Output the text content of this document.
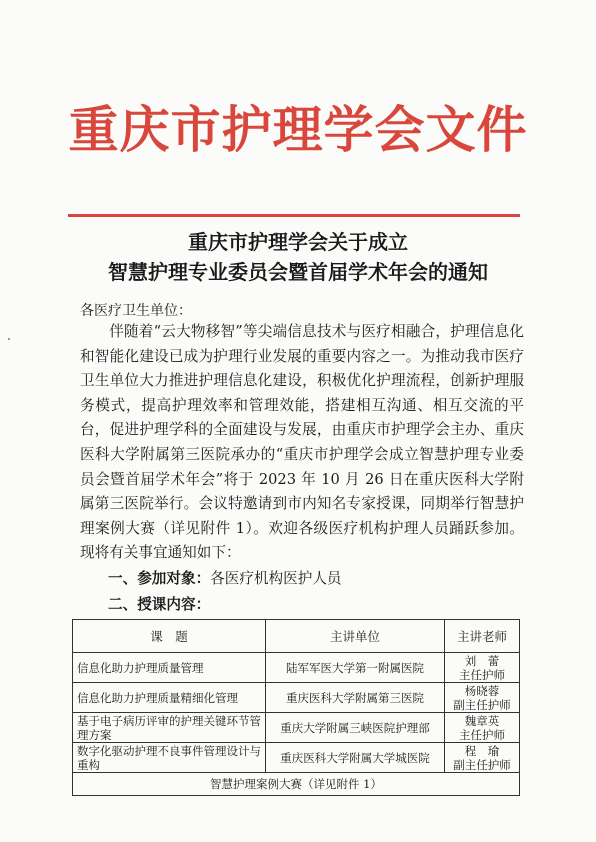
重庆市护理学会文件
重庆市护理学会关于成立
智慧护理专业委员会暨首届学术年会的通知
各医疗卫生单位：

伴随着“云大物移智”等尖端信息技术与医疗相融合，护理信息化和智能化建设已成为护理行业发展的重要内容之一。为推动我市医疗卫生单位大力推进护理信息化建设，积极优化护理流程，创新护理服务模式，提高护理效率和管理效能，搭建相互沟通、相互交流的平台，促进护理学科的全面建设与发展，由重庆市护理学会主办、重庆医科大学附属第三医院承办的“重庆市护理学会成立智慧护理专业委员会暨首届学术年会”将于 2023 年 10 月 26 日在重庆医科大学附属第三医院举行。会议特邀请到市内知名专家授课，同期举行智慧护理案例大赛（详见附件 1）。欢迎各级医疗机构护理人员踊跃参加。现将有关事宜通知如下：

一、参加对象：各医疗机构医护人员
二、授课内容：
课　题	主讲单位	主讲老师
信息化助力护理质量管理	陆军军医大学第一附属医院	刘　蕾
主任护师

信息化助力护理质量精细化管理	重庆医科大学附属第三医院	杨晓蓉
副主任护师

基于电子病历评审的护理关键环节管理方案	重庆大学附属三峡医院护理部	魏章英
主任护师

数字化驱动护理不良事件管理设计与重构	重庆医科大学附属大学城医院	程　瑜
副主任护师

智慧护理案例大赛（详见附件 1）		
